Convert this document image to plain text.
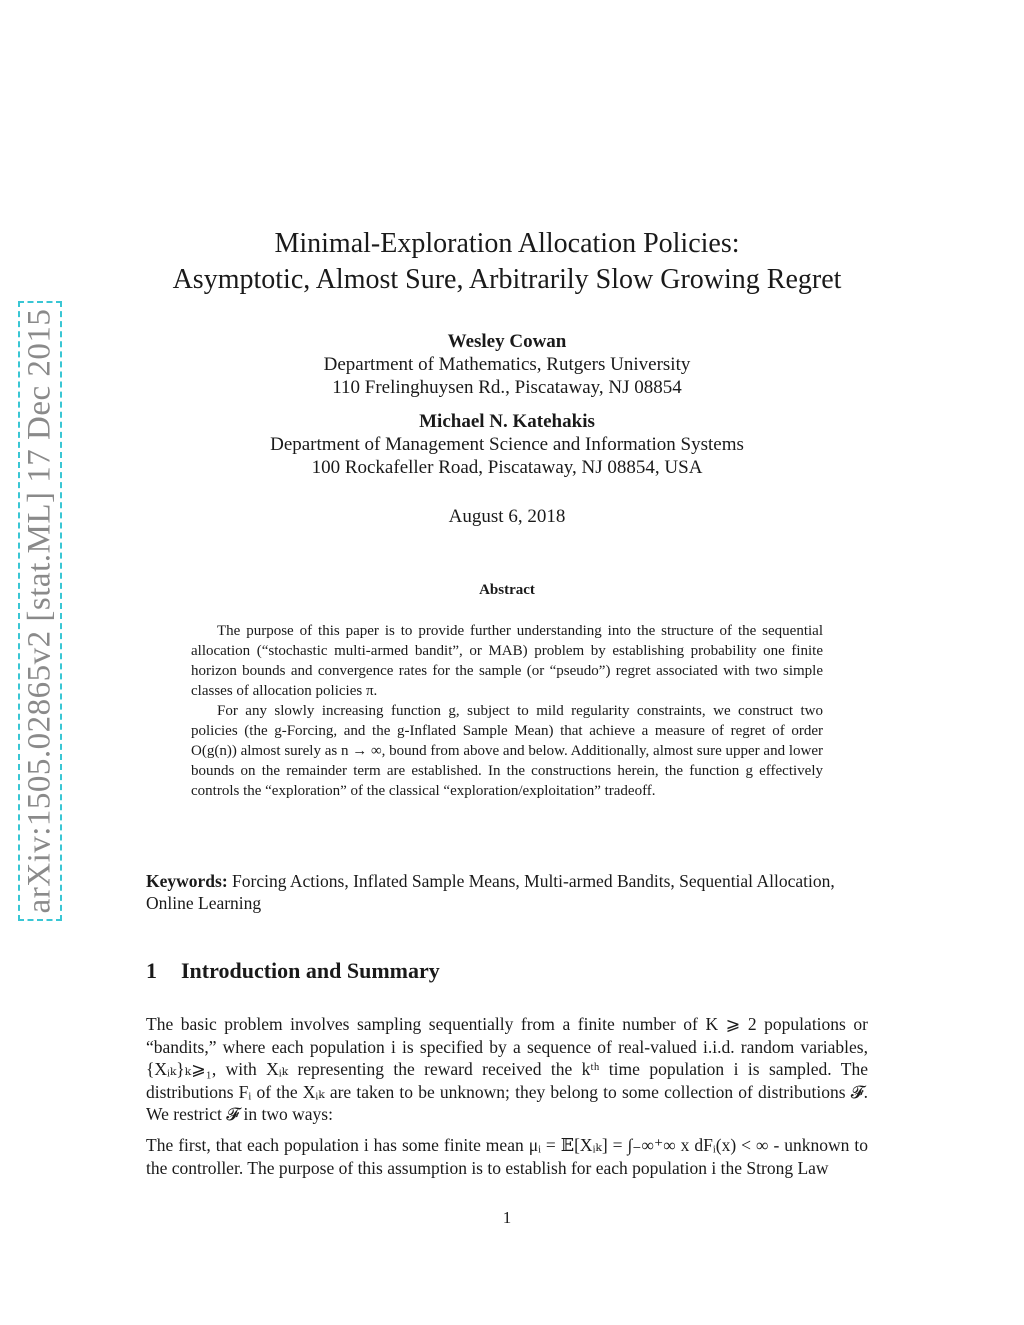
arXiv:1505.02865v2 [stat.ML] 17 Dec 2015
Minimal-Exploration Allocation Policies:
Asymptotic, Almost Sure, Arbitrarily Slow Growing Regret
Wesley Cowan
Department of Mathematics, Rutgers University
110 Frelinghuysen Rd., Piscataway, NJ 08854
Michael N. Katehakis
Department of Management Science and Information Systems
100 Rockafeller Road, Piscataway, NJ 08854, USA
August 6, 2018
Abstract

The purpose of this paper is to provide further understanding into the structure of the sequential allocation (“stochastic multi-armed bandit”, or MAB) problem by establishing probability one finite horizon bounds and convergence rates for the sample (or “pseudo”) regret associated with two simple classes of allocation policies π.

For any slowly increasing function g, subject to mild regularity constraints, we construct two policies (the g-Forcing, and the g-Inflated Sample Mean) that achieve a measure of regret of order O(g(n)) almost surely as n → ∞, bound from above and below. Additionally, almost sure upper and lower bounds on the remainder term are established. In the constructions herein, the function g effectively controls the “exploration” of the classical “exploration/exploitation” tradeoff.

Keywords: Forcing Actions, Inflated Sample Means, Multi-armed Bandits, Sequential Allocation, Online Learning
1 Introduction and Summary

The basic problem involves sampling sequentially from a finite number of K ⩾ 2 populations or “bandits,” where each population i is specified by a sequence of real-valued i.i.d. random variables, {Xᵢₖ}ₖ⩾₁, with Xᵢₖ representing the reward received the kᵗʰ time population i is sampled. The distributions Fᵢ of the Xᵢₖ are taken to be unknown; they belong to some collection of distributions 𝓕. We restrict 𝓕 in two ways:

The first, that each population i has some finite mean μᵢ = 𝔼[Xᵢₖ] = ∫₋∞⁺∞ x dFᵢ(x) < ∞ - unknown to the controller. The purpose of this assumption is to establish for each population i the Strong Law

1
